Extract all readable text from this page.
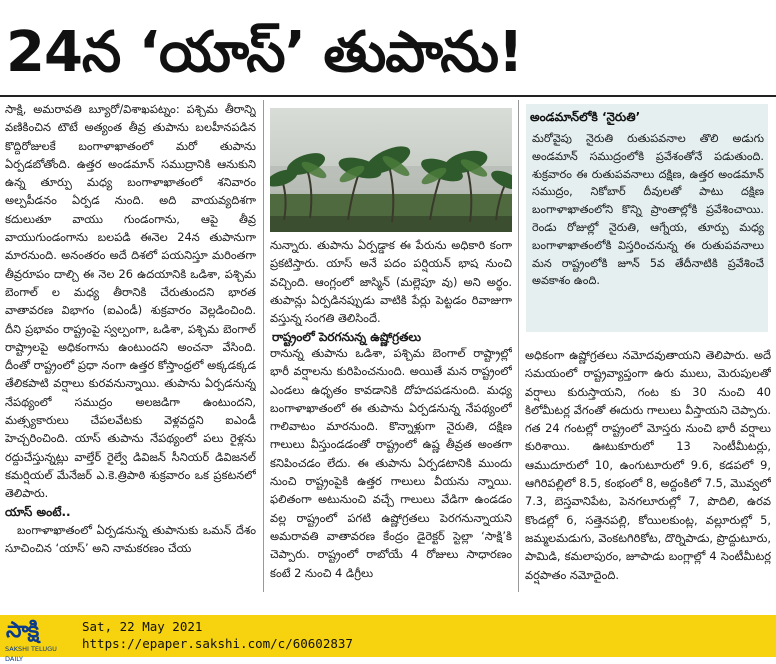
24న ‘యాస్’ తుపాను!

సాక్షి, అమరావతి బ్యూరో/విశాఖపట్నం: పశ్చిమ తీరాన్ని వణికించిన టౌటే అత్యంత తీవ్ర తుపాను బలహీనపడిన కొద్దిరోజులకే బంగాళాఖాతంలో మరో తుపాను ఏర్పడబోతోంది. ఉత్తర అండమాన్ సముద్రానికి ఆనుకుని ఉన్న తూర్పు మధ్య బంగాళాఖాతంలో శనివారం అల్పపీడనం ఏర్పడ నుంది. అది వాయవ్యదిశగా కదులుతూ వాయు గుండంగాను, ఆపై తీవ్ర వాయుగుండంగాను బలపడి ఈనెల 24న తుపానుగా మారనుంది. అనంతరం అదే దిశలో పయనిస్తూ మరింతగా తీవ్రరూపం దాల్చి ఈ నెల 26 ఉదయానికి ఒడిశా, పశ్చిమ బెంగాల్ ల మధ్య తీరానికి చేరుతుందని భారత వాతావరణ విభాగం (ఐఎండీ) శుక్రవారం వెల్లడించింది. దీని ప్రభావం రాష్ట్రంపై స్వల్పంగా, ఒడిశా, పశ్చిమ బెంగాల్ రాష్ట్రాలపై అధికంగాను ఉంటుందని అంచనా వేసింది. దీంతో రాష్ట్రంలో ప్రధా నంగా ఉత్తర కోస్తాంధ్రలో అక్కడక్కడ తేలికపాటి వర్షాలు కురవనున్నాయి. తుపాను ఏర్పడనున్న నేపథ్యంలో సముద్రం అలజడిగా ఉంటుందని, మత్స్యకారులు చేపలవేటకు వెళ్లవద్దని ఐఎండీ హెచ్చరించింది. యాస్ తుపాను నేపథ్యంలో పలు రైళ్లను రద్దుచేస్తున్నట్లు వాల్తేర్ రైల్వే డివిజన్ సీనియర్ డివిజనల్ కమర్షియల్ మేనేజర్ ఎ.కె.త్రిపాఠి శుక్రవారం ఒక ప్రకటనలో తెలిపారు.

యాస్ అంటే..

బంగాళాఖాతంలో ఏర్పడనున్న తుపానుకు ఒమన్ దేశం సూచించిన ‘యాస్’ అని నామకరణం చేయ

నున్నారు. తుపాను ఏర్పడ్డాక ఈ పేరును అధికారి కంగా ప్రకటిస్తారు. యాస్ అనే పదం పర్షియన్ భాష నుంచి వచ్చింది. ఆంగ్లంలో జాస్మిన్ (మల్లెపూ వు) అని అర్థం. తుపాన్లు ఏర్పడినప్పుడు వాటికి పేర్లు పెట్టడం రివాజుగా వస్తున్న సంగతి తెలిసిందే.

రాష్ట్రంలో పెరగనున్న ఉష్ణోగ్రతలు

రానున్న తుపాను ఒడిశా, పశ్చిమ బెంగాల్ రాష్ట్రాల్లో భారీ వర్షాలను కురిపించనుంది. అయితే మన రాష్ట్రంలో ఎండలు ఉధృతం కావడానికి దోహదపడనుంది. మధ్య బంగాళాఖాతంలో ఈ తుపాను ఏర్పడనున్న నేపథ్యంలో గాలివాటం మారనుంది. కొన్నాళ్లుగా నైరుతి, దక్షిణ గాలులు వీస్తుండడంతో రాష్ట్రంలో ఉష్ణ తీవ్రత అంతగా కనిపించడం లేదు. ఈ తుపాను ఏర్పడటానికి ముందు నుంచి రాష్ట్రంపైకి ఉత్తర గాలులు వీయను న్నాయి. ఫలితంగా అటునుంచి వచ్చే గాలులు వేడిగా ఉండడం వల్ల రాష్ట్రంలో పగటి ఉష్ణోగ్రతలు పెరగనున్నాయని అమరావతి వాతావరణ కేంద్రం డైరెక్టర్ స్టెల్లా ‘సాక్షి’కి చెప్పారు. రాష్ట్రంలో రాబోయే 4 రోజులు సాధారణం కంటే 2 నుంచి 4 డిగ్రీలు

అండమాన్‌లోకి ‘నైరుతి’
మరోవైపు నైరుతి రుతుపవనాల తొలి అడుగు అండమాన్ సముద్రంలోకి ప్రవేశంతోనే పడుతుంది. శుక్రవారం ఈ రుతుపవనాలు దక్షిణ, ఉత్తర అండమాన్ సముద్రం, నికోబార్ దీవులతో పాటు దక్షిణ బంగాళాఖాతంలోని కొన్ని ప్రాంతాల్లోకి ప్రవేశించాయి. రెండు రోజుల్లో నైరుతి, ఆగ్నేయ, తూర్పు మధ్య బంగాళాఖాతంలోకి విస్తరించనున్న ఈ రుతుపవనాలు మన రాష్ట్రంలోకి జూన్ 5వ తేదీనాటికి ప్రవేశించే అవకాశం ఉంది.

అధికంగా ఉష్ణోగ్రతలు నమోదవుతాయని తెలిపారు. అదే సమయంలో రాష్ట్రవ్యాప్తంగా ఉరు ములు, మెరుపులతో వర్షాలు కురుస్తాయని, గంట కు 30 నుంచి 40 కిలోమీటర్ల వేగంతో ఈదురు గాలులు వీస్తాయని చెప్పారు. గత 24 గంటల్లో రాష్ట్రంలో మోస్తరు నుంచి భారీ వర్షాలు కురిశాయి. ఊటుకూరులో 13 సెంటీమీటర్లు, ఆముదూరులో 10, ఉంగుటూరులో 9.6, కడపలో 9, ఆగిరిపల్లిలో 8.5, కంభంలో 8, అద్దంకిలో 7.5, మొవ్వలో 7.3, బెస్తవానిపేట, పెనగలూరుల్లో 7, పొదిలి, ఉరవ కొండల్లో 6, సత్తెనపల్లి, కోయిలకుంట్ల, వల్లూరుల్లో 5, జమ్మలమడుగు, వెంకటగిరికోట, దొర్నిపాడు, ప్రొద్దుటూరు, పామిడి, కమలాపురం, జూపాడు బంగ్లాల్లో 4 సెంటీమీటర్ల వర్షపాతం నమోదైంది.

సాక్షి
SAKSHI TELUGU DAILY
Sat, 22 May 2021
https://epaper.sakshi.com/c/60602837
